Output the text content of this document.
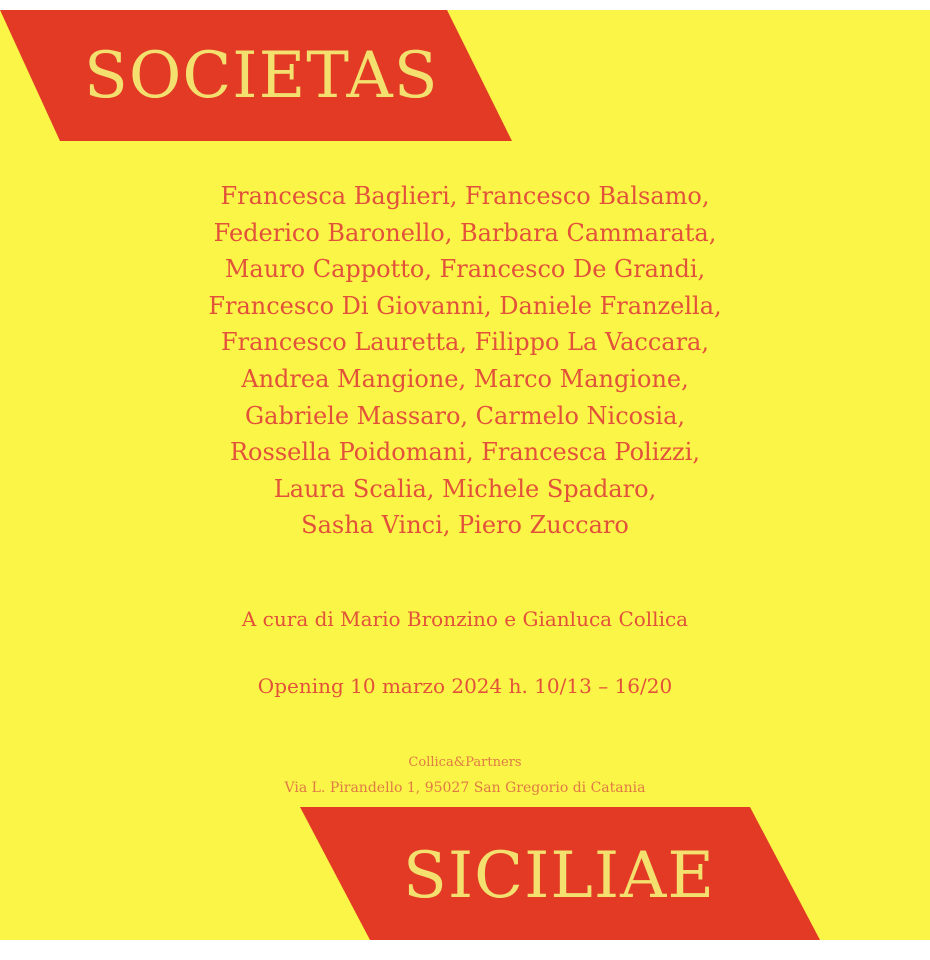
SOCIETAS
Francesca Baglieri, Francesco Balsamo,
Federico Baronello, Barbara Cammarata,
Mauro Cappotto, Francesco De Grandi,
Francesco Di Giovanni, Daniele Franzella,
Francesco Lauretta, Filippo La Vaccara,
Andrea Mangione, Marco Mangione,
Gabriele Massaro, Carmelo Nicosia,
Rossella Poidomani, Francesca Polizzi,
Laura Scalia, Michele Spadaro,
Sasha Vinci, Piero Zuccaro
A cura di Mario Bronzino e Gianluca Collica
Opening 10 marzo 2024 h. 10/13 – 16/20
Collica&Partners
Via L. Pirandello 1, 95027 San Gregorio di Catania
SICILIAE
